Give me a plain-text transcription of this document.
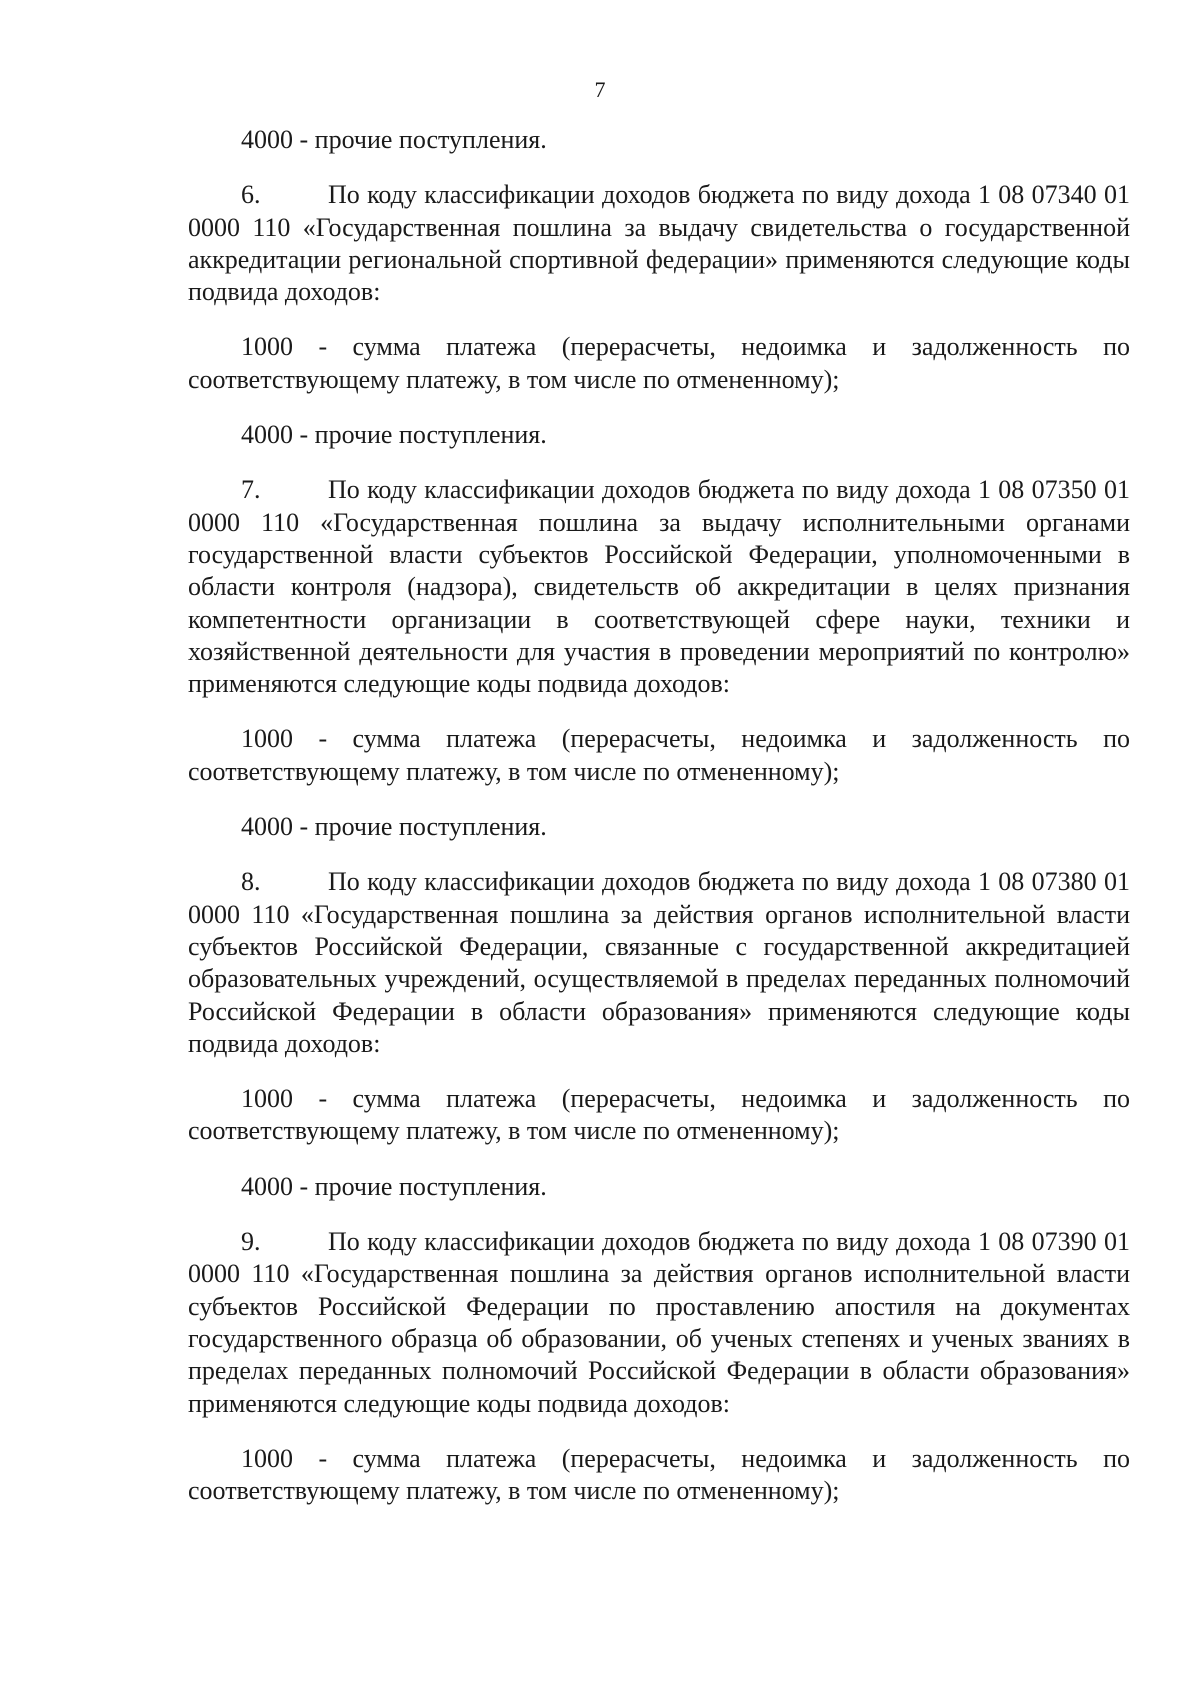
7

4000 - прочие поступления.

6.	По коду классификации доходов бюджета по виду дохода 1 08 07340 01 0000 110 «Государственная пошлина за выдачу свидетельства о государственной аккредитации региональной спортивной федерации» применяются следующие коды подвида доходов:

1000 - сумма платежа (перерасчеты, недоимка и задолженность по соответствующему платежу, в том числе по отмененному);

4000 - прочие поступления.

7.	По коду классификации доходов бюджета по виду дохода 1 08 07350 01 0000 110 «Государственная пошлина за выдачу исполнительными органами государственной власти субъектов Российской Федерации, уполномоченными в области контроля (надзора), свидетельств об аккредитации в целях признания компетентности организации в соответствующей сфере науки, техники и хозяйственной деятельности для участия в проведении мероприятий по контролю» применяются следующие коды подвида доходов:

1000 - сумма платежа (перерасчеты, недоимка и задолженность по соответствующему платежу, в том числе по отмененному);

4000 - прочие поступления.

8.	По коду классификации доходов бюджета по виду дохода 1 08 07380 01 0000 110 «Государственная пошлина за действия органов исполнительной власти субъектов Российской Федерации, связанные с государственной аккредитацией образовательных учреждений, осуществляемой в пределах переданных полномочий Российской Федерации в области образования» применяются следующие коды подвида доходов:

1000 - сумма платежа (перерасчеты, недоимка и задолженность по соответствующему платежу, в том числе по отмененному);

4000 - прочие поступления.

9.	По коду классификации доходов бюджета по виду дохода 1 08 07390 01 0000 110 «Государственная пошлина за действия органов исполнительной власти субъектов Российской Федерации по проставлению апостиля на документах государственного образца об образовании, об ученых степенях и ученых званиях в пределах переданных полномочий Российской Федерации в области образования» применяются следующие коды подвида доходов:

1000 - сумма платежа (перерасчеты, недоимка и задолженность по соответствующему платежу, в том числе по отмененному);
